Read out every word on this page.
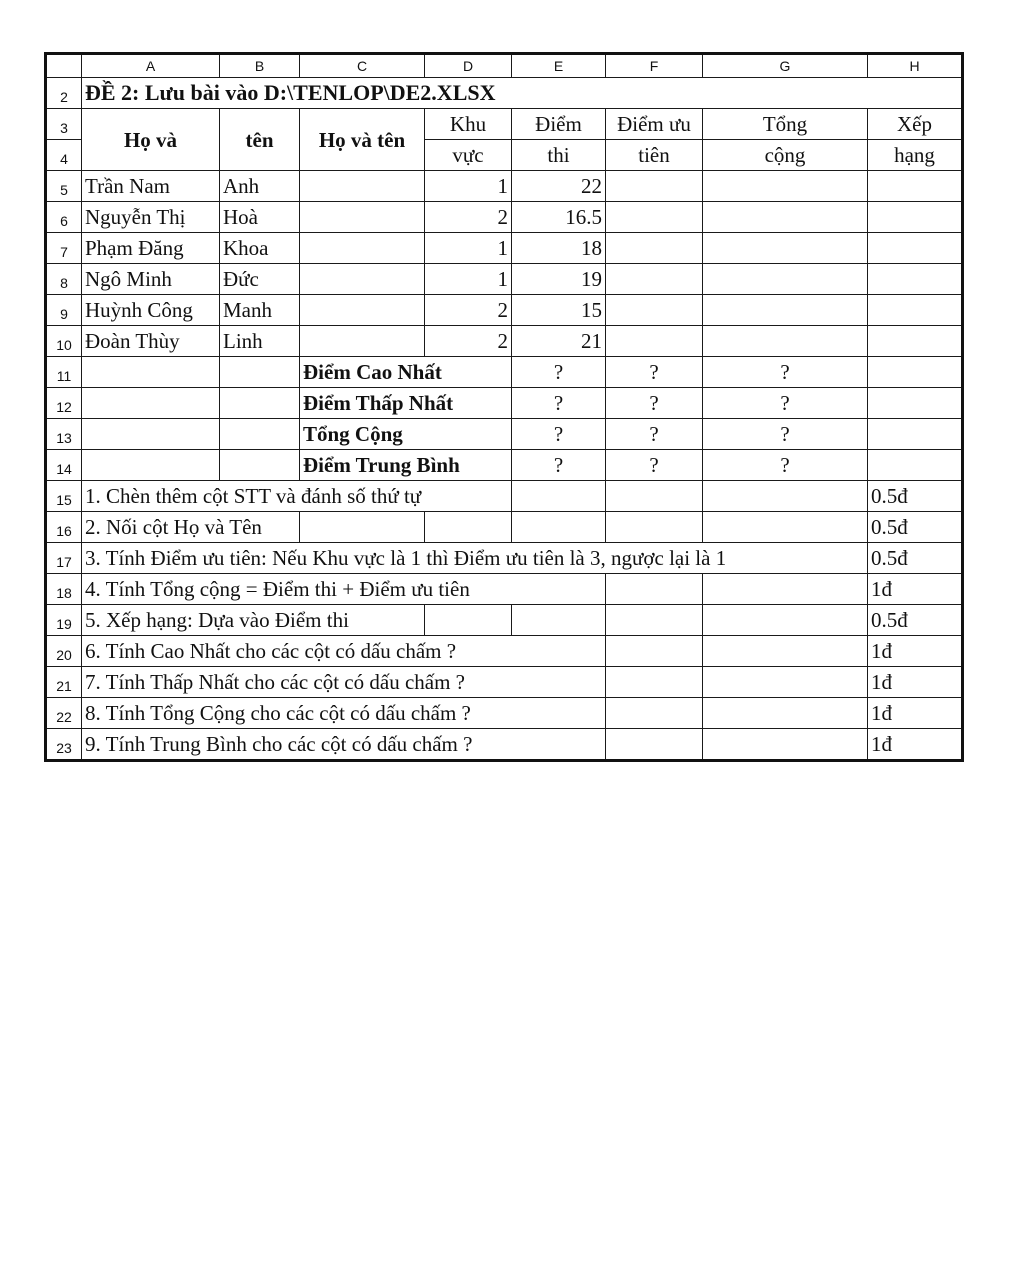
	A	B	C	D	E	F	G	H
2	ĐỀ 2: Lưu bài vào D:\TENLOP\DE2.XLSX							
3	Họ và	tên	Họ và tên	Khu	Điểm	Điểm ưu	Tổng	Xếp
4				vực	thi	tiên	cộng	hạng
5	Trần Nam	Anh		1	22			
6	Nguyễn Thị	Hoà		2	16.5			
7	Phạm Đăng	Khoa		1	18			
8	Ngô Minh	Đức		1	19			
9	Huỳnh Công	Manh		2	15			
10	Đoàn Thùy	Linh		2	21			
11			Điểm Cao Nhất		?	?	?	
12			Điểm Thấp Nhất		?	?	?	
13			Tổng Cộng		?	?	?	
14			Điểm Trung Bình		?	?	?	
15	1. Chèn thêm cột STT và đánh số thứ tự							0.5đ
16	2. Nối cột Họ và Tên							0.5đ
17	3. Tính Điểm ưu tiên: Nếu Khu vực là 1 thì Điểm ưu tiên là 3, ngược lại là 1							0.5đ
18	4. Tính Tổng cộng = Điểm thi + Điểm ưu tiên							1đ
19	5. Xếp hạng: Dựa vào Điểm thi							0.5đ
20	6. Tính Cao Nhất cho các cột có dấu chấm ?							1đ
21	7. Tính Thấp Nhất cho các cột có dấu chấm ?							1đ
22	8. Tính Tổng Cộng cho các cột có dấu chấm ?							1đ
23	9. Tính Trung Bình cho các cột có dấu chấm ?							1đ
